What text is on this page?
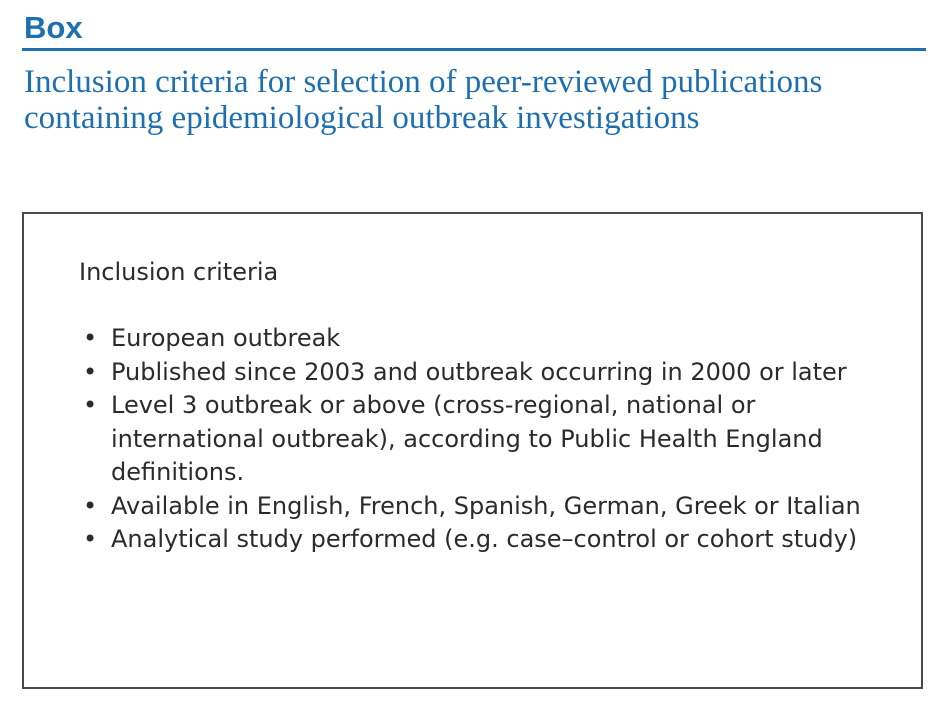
Box
Inclusion criteria for selection of peer-reviewed publications containing epidemiological outbreak investigations
Inclusion criteria
• European outbreak
• Published since 2003 and outbreak occurring in 2000 or later
• Level 3 outbreak or above (cross-regional, national or international outbreak), according to Public Health England definitions.
• Available in English, French, Spanish, German, Greek or Italian
• Analytical study performed (e.g. case–control or cohort study)
